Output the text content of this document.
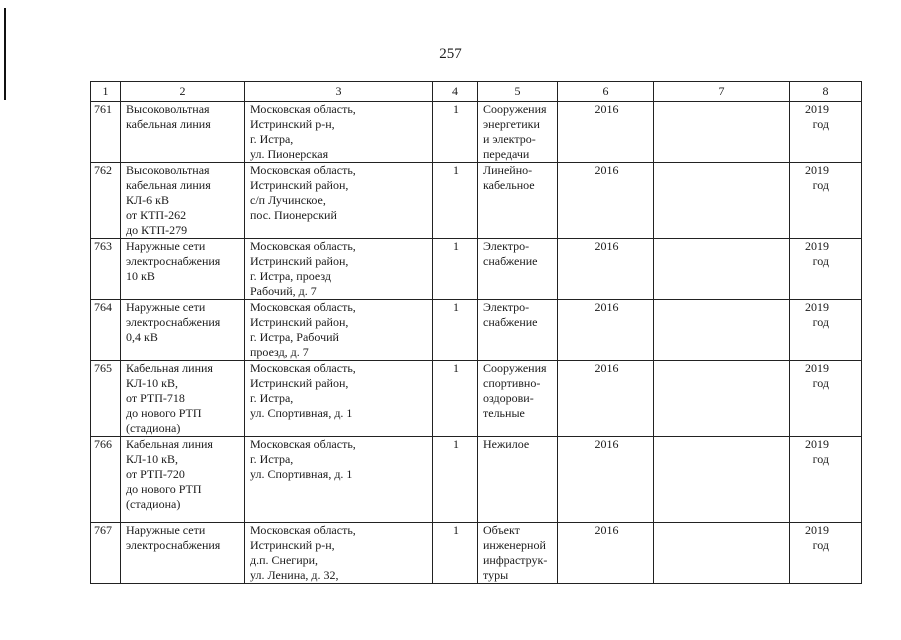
257
1	2	3	4	5	6	7	8
761	Высоковольтная
кабельная линия	Московская область,
Истринский р-н,
г. Истра,
ул. Пионерская	1	Сооружения
энергетики
и электро-
передачи	2016		2019 год
762	Высоковольтная
кабельная линия
КЛ-6 кВ
от КТП-262
до КТП-279	Московская область,
Истринский район,
с/п Лучинское,
пос. Пионерский	1	Линейно-
кабельное	2016		2019 год
763	Наружные сети
электроснабжения
10 кВ	Московская область,
Истринский район,
г. Истра, проезд
Рабочий, д. 7	1	Электро-
снабжение	2016		2019 год
764	Наружные сети
электроснабжения
0,4 кВ	Московская область,
Истринский район,
г. Истра, Рабочий
проезд, д. 7	1	Электро-
снабжение	2016		2019 год
765	Кабельная линия
КЛ-10 кВ,
от РТП-718
до нового РТП
(стадиона)	Московская область,
Истринский район,
г. Истра,
ул. Спортивная, д. 1	1	Сооружения
спортивно-
оздорови-
тельные	2016		2019 год
766	Кабельная линия
КЛ-10 кВ,
от РТП-720
до нового РТП
(стадиона)	Московская область,
г. Истра,
ул. Спортивная, д. 1	1	Нежилое	2016		2019 год
767	Наружные сети
электроснабжения	Московская область,
Истринский р-н,
д.п. Снегири,
ул. Ленина, д. 32,	1	Объект
инженерной
инфраструк-
туры	2016		2019 год
